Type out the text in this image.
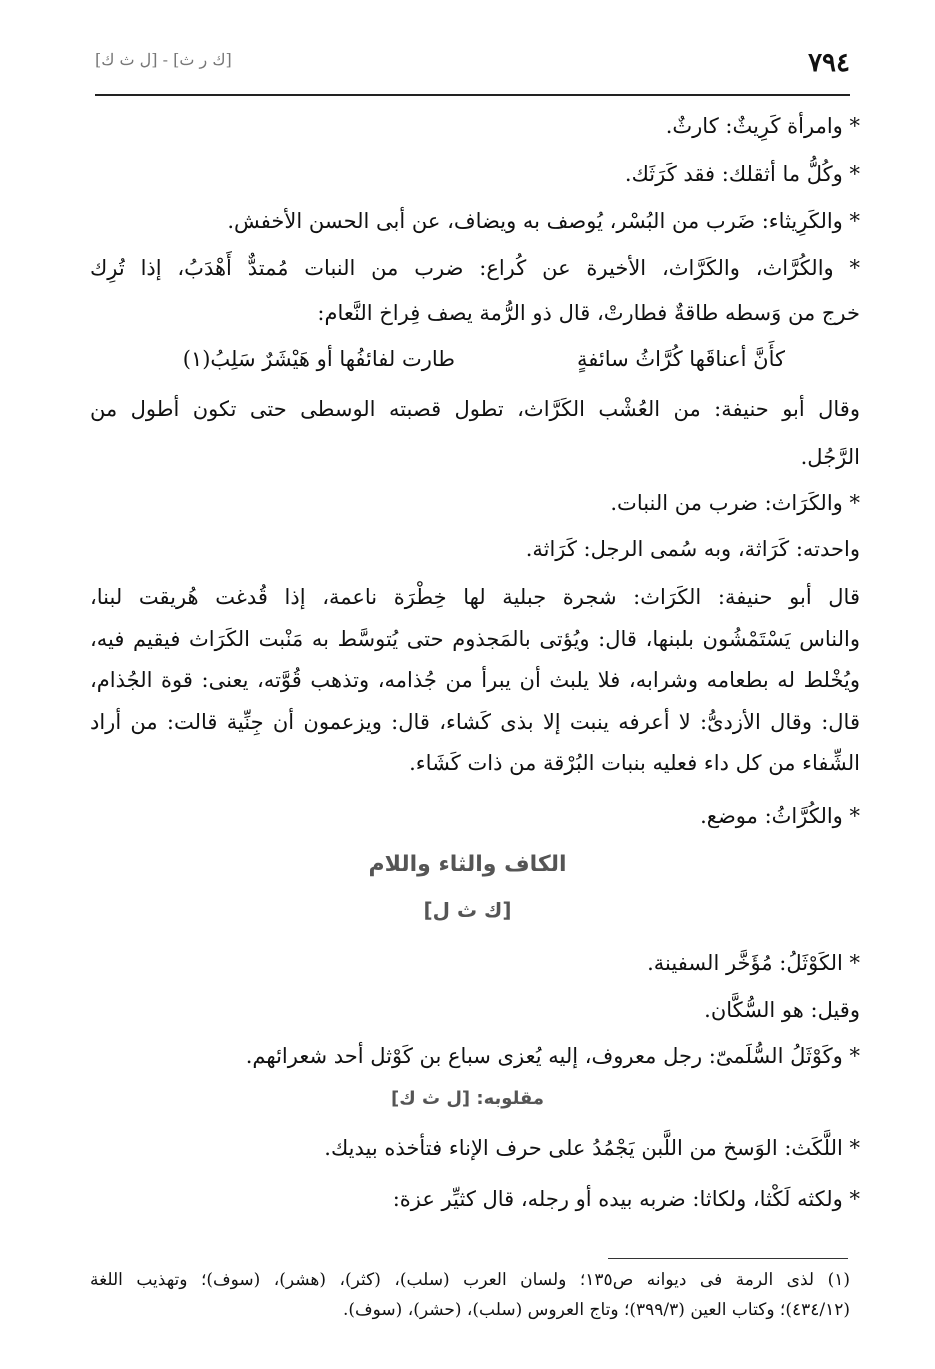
٧٩٤
[ك ر ث] - [ل ث ك]
* وامرأة كَرِيثٌ: كارثٌ.
* وكُلُّ ما أثقلك: فقد كَرَثَك.
* والكَرِيثاء: ضَرب من البُسْر، يُوصف به ويضاف، عن أبى الحسن الأخفش.
* والكُرَّاث، والكَرَّاث، الأخيرة عن كُراع: ضرب من النبات مُمتدٌّ أَهْدَبُ، إذا تُرِك
خرج من وَسطه طاقةٌ فطارتْ، قال ذو الرُّمة يصف فِراخ النَّعام:
كأَنَّ أعناقَها كُرَّاثُ سائفةٍ
طارت لفائفُها أو هَيْشَرٌ سَلِبُ(١)
وقال أبو حنيفة: من العُشْب الكَرَّاث، تطول قصبته الوسطى حتى تكون أطول من
الرَّجُل.
* والكَرَاث: ضرب من النبات.
واحدته: كَرَاثة، وبه سُمى الرجل: كَرَاثة.
قال أبو حنيفة: الكَرَاث: شجرة جبلية لها خِطْرَة ناعمة، إذا قُدغت هُريقت لبنا،
والناس يَسْتَمْشُون بلبنها، قال: ويُؤتى بالمَجذوم حتى يُتوسَّط به مَنْبت الكَرَاث فيقيم فيه،
ويُخْلط له بطعامه وشرابه، فلا يلبث أن يبرأ من جُذامه، وتذهب قُوَّته، يعنى: قوة الجُذام،
قال: وقال الأزدىُّ: لا أعرفه ينبت إلا بذى كَشاء، قال: ويزعمون أن جِنِّية قالت: من أراد
الشِّفاء من كل داء فعليه بنبات البُرْقة من ذات كَشَاء.
* والكُرَّاثُ: موضع.
الكاف والثاء واللام
[ك ث ل]
* الكَوْثَلُ: مُؤَخَّر السفينة.
وقيل: هو السُّكَّان.
* وكَوْثَلُ السُّلَمىّ: رجل معروف، إليه يُعزى سباع بن كَوْثل أحد شعرائهم.
مقلوبه: [ل ث ك]
* اللَّكَث: الوَسخ من اللَّبن يَجْمُدُ على حرف الإناء فتأخذه بيديك.
* ولكثه لَكْثا، ولكاثا: ضربه بيده أو رجله، قال كثيِّر عزة:
(١) لذى الرمة فى ديوانه ص١٣٥؛ ولسان العرب (سلب)، (كثر)، (هشر)، (سوف)؛ وتهذيب اللغة
(٤٣٤/١٢)؛ وكتاب العين (٣٩٩/٣)؛ وتاج العروس (سلب)، (حشر)، (سوف).
